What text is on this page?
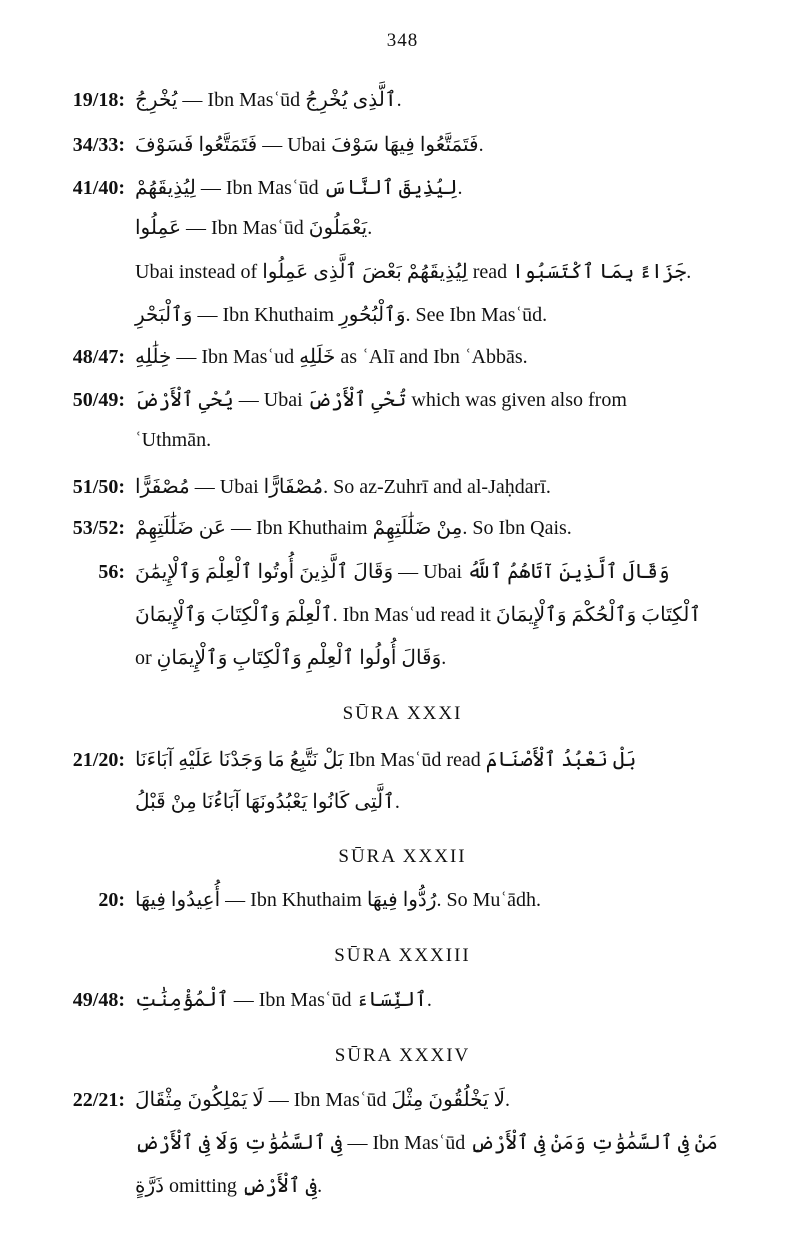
348
19/18: يُخْرِجُ — Ibn Masʿūd ٱلَّذِى يُخْرِجُ.
34/33: فَتَمَتَّعُوا فَسَوْفَ — Ubai فَتَمَتَّعُوا فِيهَا سَوْفَ.
41/40: لِيُذِيقَهُمْ — Ibn Masʿūd لِيُذِيقَ ٱلنَّاسَ.
عَمِلُوا — Ibn Masʿūd يَعْمَلُونَ.
Ubai instead of لِيُذِيقَهُمْ بَعْضَ ٱلَّذِى عَمِلُوا read جَزَاءً بِمَا ٱكْتَسَبُوا.
وَٱلْبَحْرِ — Ibn Khuthaim وَٱلْبُحُورِ. See Ibn Masʿūd.
48/47: خِلَٰلِهِ — Ibn Masʿud خَلَلِهِ as ʿAlī and Ibn ʿAbbās.
50/49: يُحْىِ ٱلْأَرْضَ — Ubai تُحْىِ ٱلْأَرْضَ which was given also from
ʿUthmān.
51/50: مُصْفَرًّا — Ubai مُصْفَارًّا. So az-Zuhrī and al-Jaḥdarī.
53/52: عَن ضَلَٰلَتِهِمْ — Ibn Khuthaim مِنْ ضَلَٰلَتِهِمْ. So Ibn Qais.
56: وَقَالَ ٱلَّذِينَ أُوتُوا ٱلْعِلْمَ وَٱلْإِيمَٰنَ — Ubai وَقَالَ ٱلَّذِينَ آتَاهُمُ ٱللَّهُ
ٱلْعِلْمَ وَٱلْكِتَابَ وَٱلْإِيمَانَ. Ibn Masʿud read it ٱلْكِتَابَ وَٱلْحُكْمَ وَٱلْإِيمَانَ
or وَقَالَ أُولُوا ٱلْعِلْمِ وَٱلْكِتَابِ وَٱلْإِيمَانِ.
SŪRA XXXI
21/20: بَلْ نَتَّبِعُ مَا وَجَدْنَا عَلَيْهِ آبَاءَنَا Ibn Masʿūd read بَلْ نَعْبُدُ ٱلْأَصْنَامَ
ٱلَّتِى كَانُوا يَعْبُدُونَهَا آبَاءُنَا مِنْ قَبْلُ.
SŪRA XXXII
20: أُعِيدُوا فِيهَا — Ibn Khuthaim رُدُّوا فِيهَا. So Muʿādh.
SŪRA XXXIII
49/48: ٱلْمُؤْمِنَٰتِ — Ibn Masʿūd ٱلنِّسَاءَ.
SŪRA XXXIV
22/21: لَا يَمْلِكُونَ مِثْقَالَ — Ibn Masʿūd لَا يَخْلُقُونَ مِثْلَ.
فِى ٱلسَّمَٰوَٰتِ وَلَا فِى ٱلْأَرْضِ — Ibn Masʿūd مَنْ فِى ٱلسَّمَٰوَٰتِ وَمَنْ فِى ٱلْأَرْضِ
ذَرَّةٍ omitting فِى ٱلْأَرْضِ.
